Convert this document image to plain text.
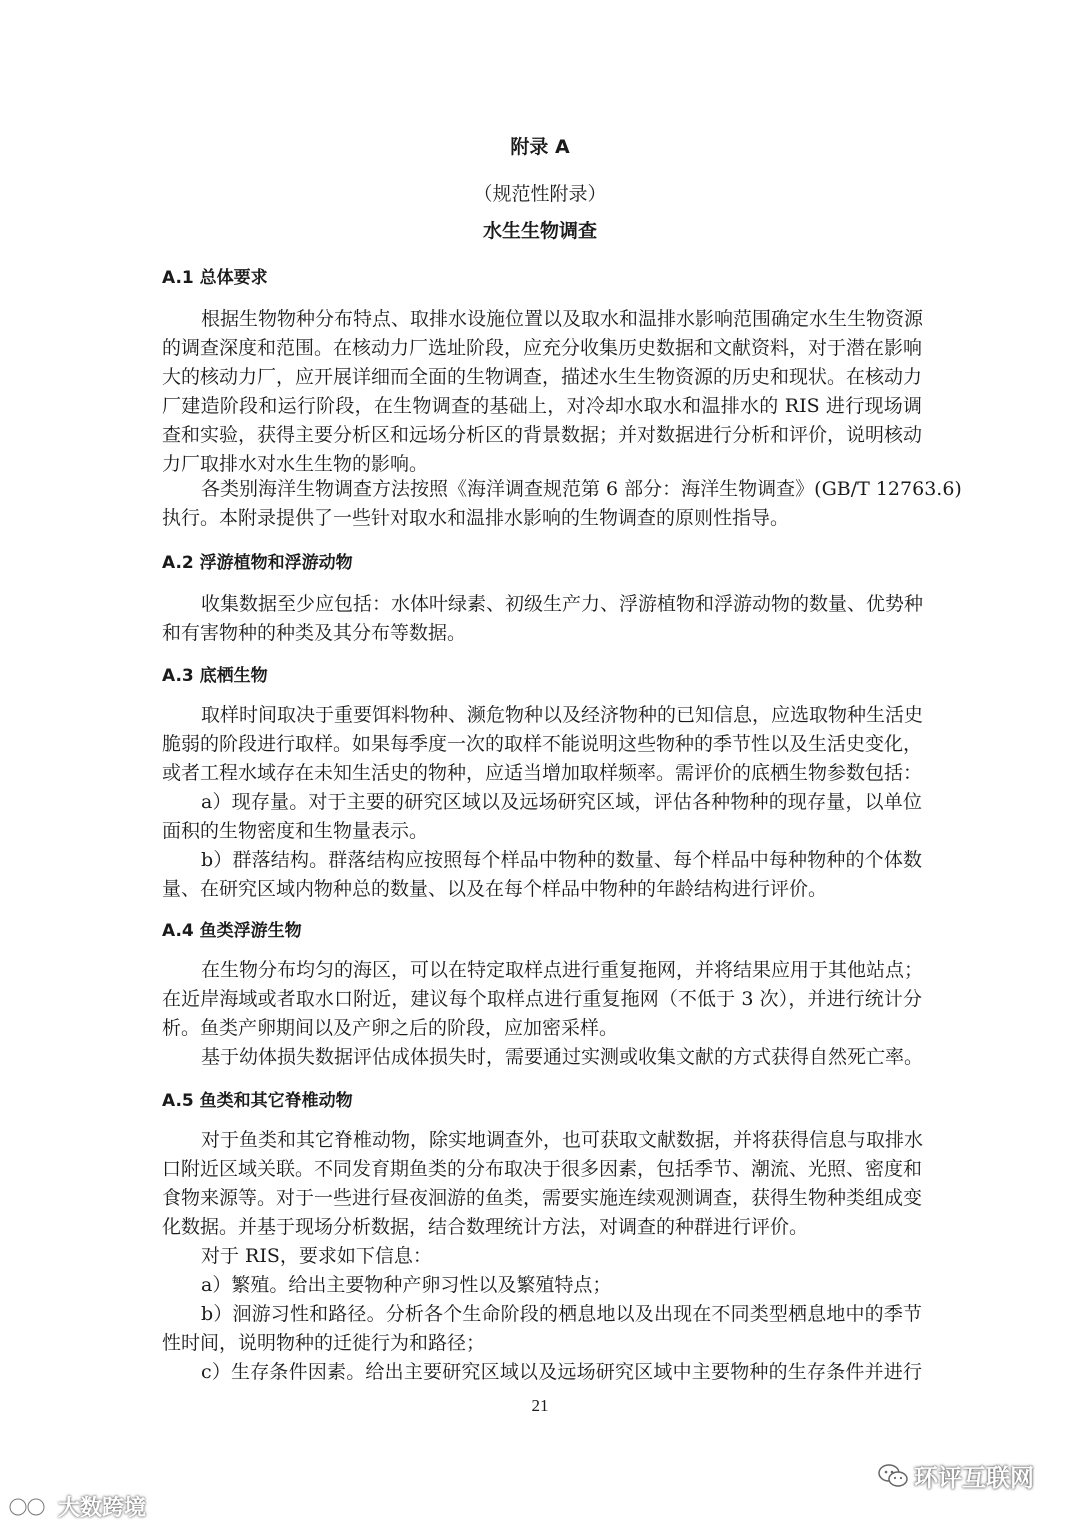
附录 A
（规范性附录）
水生生物调查
A.1 总体要求
根据生物物种分布特点、取排水设施位置以及取水和温排水影响范围确定水生生物资源
的调查深度和范围。在核动力厂选址阶段，应充分收集历史数据和文献资料，对于潜在影响
大的核动力厂，应开展详细而全面的生物调查，描述水生生物资源的历史和现状。在核动力
厂建造阶段和运行阶段，在生物调查的基础上，对冷却水取水和温排水的 RIS 进行现场调
查和实验，获得主要分析区和远场分析区的背景数据；并对数据进行分析和评价，说明核动
力厂取排水对水生生物的影响。
各类别海洋生物调查方法按照《海洋调查规范第 6 部分：海洋生物调查》(GB/T 12763.6)
执行。本附录提供了一些针对取水和温排水影响的生物调查的原则性指导。
A.2 浮游植物和浮游动物
收集数据至少应包括：水体叶绿素、初级生产力、浮游植物和浮游动物的数量、优势种
和有害物种的种类及其分布等数据。
A.3 底栖生物
取样时间取决于重要饵料物种、濒危物种以及经济物种的已知信息，应选取物种生活史
脆弱的阶段进行取样。如果每季度一次的取样不能说明这些物种的季节性以及生活史变化，
或者工程水域存在未知生活史的物种，应适当增加取样频率。需评价的底栖生物参数包括：
a）现存量。对于主要的研究区域以及远场研究区域，评估各种物种的现存量，以单位
面积的生物密度和生物量表示。
b）群落结构。群落结构应按照每个样品中物种的数量、每个样品中每种物种的个体数
量、在研究区域内物种总的数量、以及在每个样品中物种的年龄结构进行评价。
A.4 鱼类浮游生物
在生物分布均匀的海区，可以在特定取样点进行重复拖网，并将结果应用于其他站点；
在近岸海域或者取水口附近，建议每个取样点进行重复拖网（不低于 3 次），并进行统计分
析。鱼类产卵期间以及产卵之后的阶段，应加密采样。
基于幼体损失数据评估成体损失时，需要通过实测或收集文献的方式获得自然死亡率。
A.5 鱼类和其它脊椎动物
对于鱼类和其它脊椎动物，除实地调查外，也可获取文献数据，并将获得信息与取排水
口附近区域关联。不同发育期鱼类的分布取决于很多因素，包括季节、潮流、光照、密度和
食物来源等。对于一些进行昼夜洄游的鱼类，需要实施连续观测调查，获得生物种类组成变
化数据。并基于现场分析数据，结合数理统计方法，对调查的种群进行评价。
对于 RIS，要求如下信息：
a）繁殖。给出主要物种产卵习性以及繁殖特点；
b）洄游习性和路径。分析各个生命阶段的栖息地以及出现在不同类型栖息地中的季节
性时间，说明物种的迁徙行为和路径；
c）生存条件因素。给出主要研究区域以及远场研究区域中主要物种的生存条件并进行
21
环评互联网
大数跨境
